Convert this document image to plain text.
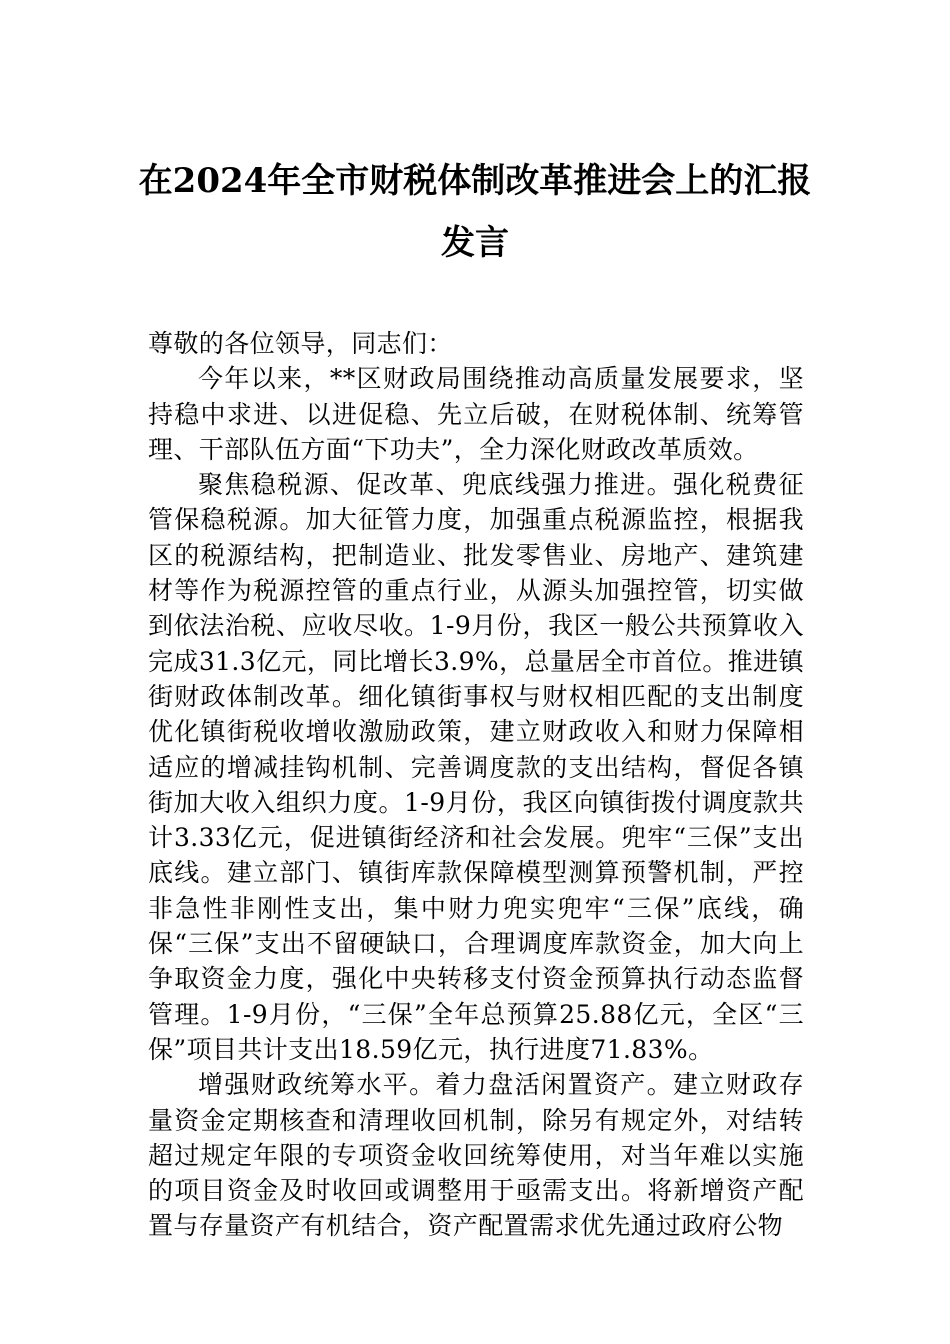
在2024年全市财税体制改革推进会上的汇报发言

尊敬的各位领导，同志们：

今年以来，**区财政局围绕推动高质量发展要求，坚持稳中求进、以进促稳、先立后破，在财税体制、统筹管理、干部队伍方面“下功夫”，全力深化财政改革质效。

聚焦稳税源、促改革、兜底线强力推进。强化税费征管保稳税源。加大征管力度，加强重点税源监控，根据我区的税源结构，把制造业、批发零售业、房地产、建筑建材等作为税源控管的重点行业，从源头加强控管，切实做到依法治税、应收尽收。1-9月份，我区一般公共预算收入完成31.3亿元，同比增长3.9%，总量居全市首位。推进镇街财政体制改革。细化镇街事权与财权相匹配的支出制度优化镇街税收增收激励政策，建立财政收入和财力保障相适应的增减挂钩机制、完善调度款的支出结构，督促各镇街加大收入组织力度。1-9月份，我区向镇街拨付调度款共计3.33亿元，促进镇街经济和社会发展。兜牢“三保”支出底线。建立部门、镇街库款保障模型测算预警机制，严控非急性非刚性支出，集中财力兜实兜牢“三保”底线，确保“三保”支出不留硬缺口，合理调度库款资金，加大向上争取资金力度，强化中央转移支付资金预算执行动态监督管理。1-9月份，“三保”全年总预算25.88亿元，全区“三保”项目共计支出18.59亿元，执行进度71.83%。

增强财政统筹水平。着力盘活闲置资产。建立财政存量资金定期核查和清理收回机制，除另有规定外，对结转超过规定年限的专项资金收回统筹使用，对当年难以实施的项目资金及时收回或调整用于亟需支出。将新增资产配置与存量资产有机结合，资产配置需求优先通过政府公物
